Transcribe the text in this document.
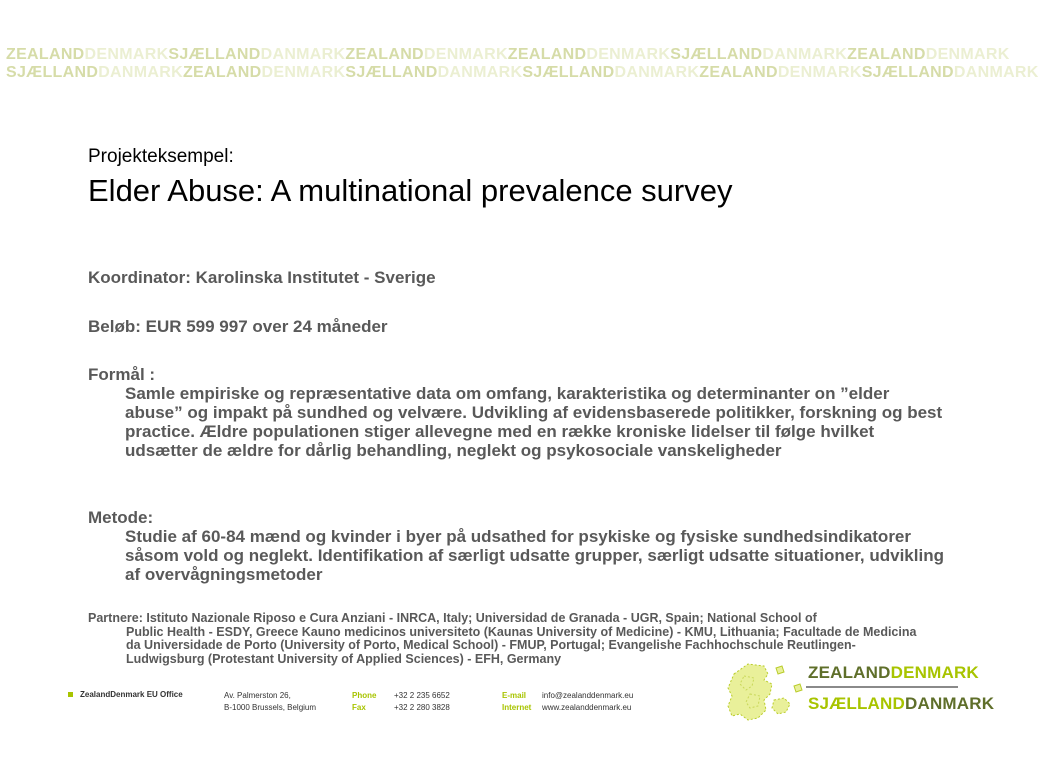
ZEALANDDENMARKSJÆLLANDDANMARKZEALANDDENMARKZEALANDDENMARKSJÆLLANDDANMARKZEALANDDENMARK
SJÆLLANDDANMARKZEALANDDENMARKSJÆLLANDDANMARKSJÆLLANDDANMARKZEALANDDENMARKSJÆLLANDDANMARK
Projekteksempel:
Elder Abuse: A multinational prevalence survey
Koordinator: Karolinska Institutet - Sverige
Beløb: EUR 599 997 over 24 måneder
Formål :
Samle empiriske og repræsentative data om omfang, karakteristika og determinanter on ”elder abuse” og impakt på sundhed og velvære. Udvikling af evidensbaserede politikker, forskning og best practice. Ældre populationen stiger allevegne med en række kroniske lidelser til følge hvilket udsætter de ældre for dårlig behandling, neglekt og psykosociale vanskeligheder
Metode:
Studie af 60-84 mænd og kvinder i byer på udsathed for psykiske og fysiske sundhedsindikatorer såsom vold og neglekt. Identifikation af særligt udsatte grupper, særligt udsatte situationer, udvikling af overvågningsmetoder
Partnere: Istituto Nazionale Riposo e Cura Anziani - INRCA, Italy; Universidad de Granada - UGR, Spain; National School of
Public Health - ESDY, Greece Kauno medicinos universiteto (Kaunas University of Medicine) - KMU, Lithuania; Facultade de Medicina da Universidade de Porto (University of Porto, Medical School) - FMUP, Portugal; Evangelishe Fachhochschule Reutlingen-Ludwigsburg (Protestant University of Applied Sciences) - EFH, Germany
ZealandDenmark EU Office	Av. Palmerston 26,
B-1000 Brussels, Belgium
Phone
Fax
+32 2 235 6652
+32 2 280 3828
E-mail
Internet
info@zealanddenmark.eu
www.zealanddenmark.eu
ZEALANDDENMARK
SJÆLLANDDANMARK
